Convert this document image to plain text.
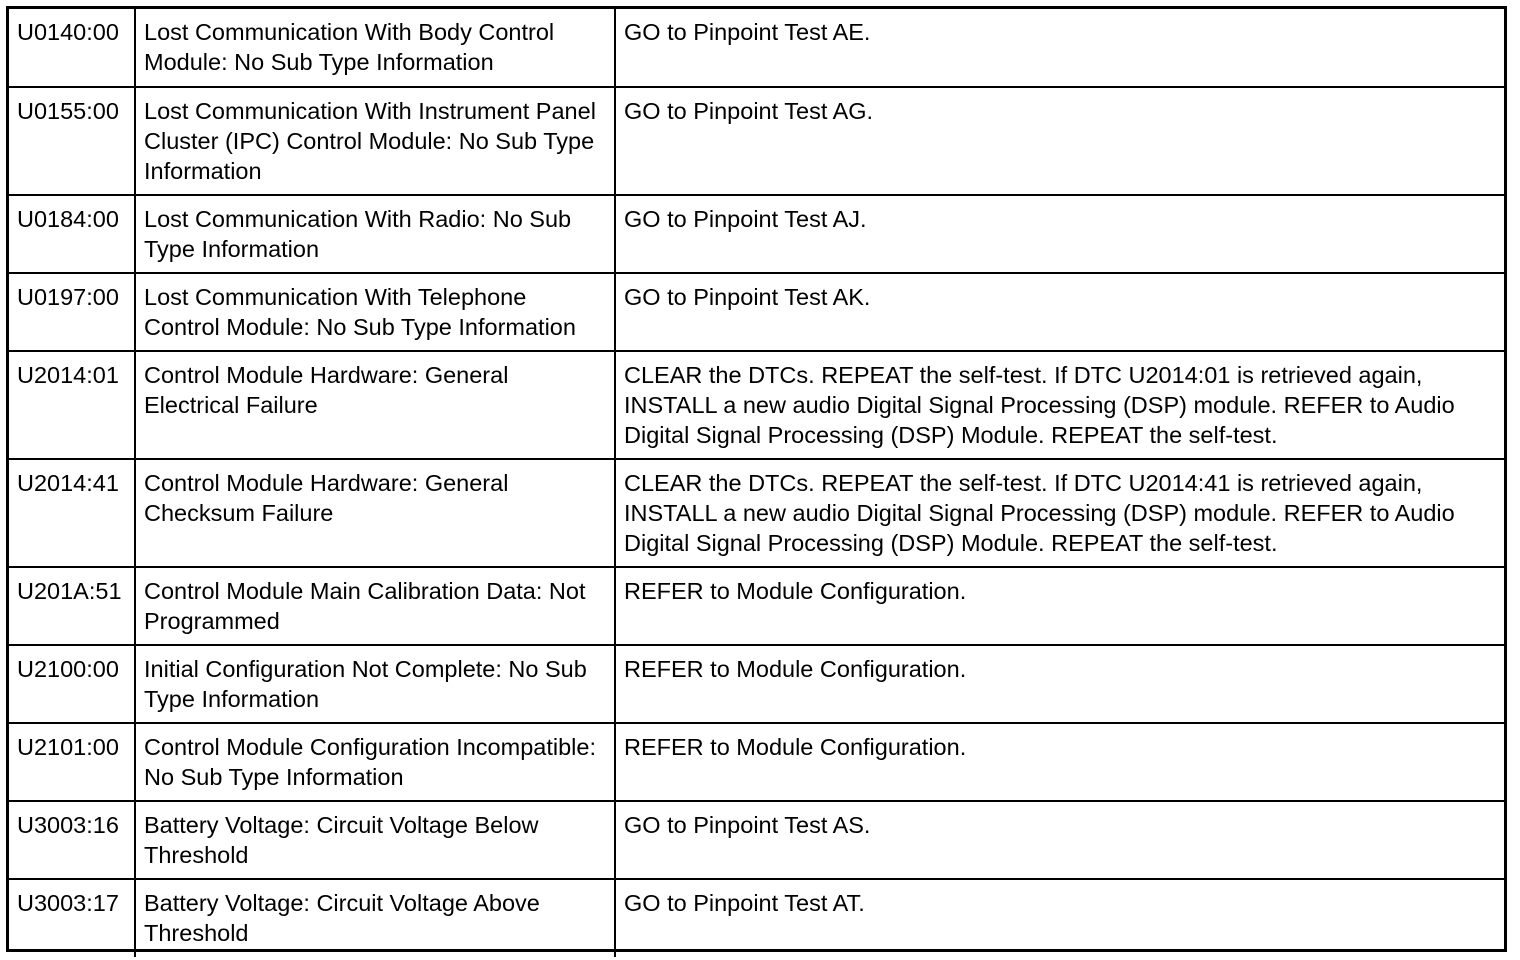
U0140:00	Lost Communication With Body Control Module: No Sub Type Information	GO to Pinpoint Test AE.
U0155:00	Lost Communication With Instrument Panel Cluster (IPC) Control Module: No Sub Type Information	GO to Pinpoint Test AG.
U0184:00	Lost Communication With Radio: No Sub Type Information	GO to Pinpoint Test AJ.
U0197:00	Lost Communication With Telephone Control Module: No Sub Type Information	GO to Pinpoint Test AK.
U2014:01	Control Module Hardware: General Electrical Failure	CLEAR the DTCs. REPEAT the self-test. If DTC U2014:01 is retrieved again, INSTALL a new audio Digital Signal Processing (DSP) module. REFER to Audio Digital Signal Processing (DSP) Module. REPEAT the self-test.
U2014:41	Control Module Hardware: General Checksum Failure	CLEAR the DTCs. REPEAT the self-test. If DTC U2014:41 is retrieved again, INSTALL a new audio Digital Signal Processing (DSP) module. REFER to Audio Digital Signal Processing (DSP) Module. REPEAT the self-test.
U201A:51	Control Module Main Calibration Data: Not Programmed	REFER to Module Configuration.
U2100:00	Initial Configuration Not Complete: No Sub Type Information	REFER to Module Configuration.
U2101:00	Control Module Configuration Incompatible: No Sub Type Information	REFER to Module Configuration.
U3003:16	Battery Voltage: Circuit Voltage Below Threshold	GO to Pinpoint Test AS.
U3003:17	Battery Voltage: Circuit Voltage Above Threshold	GO to Pinpoint Test AT.
